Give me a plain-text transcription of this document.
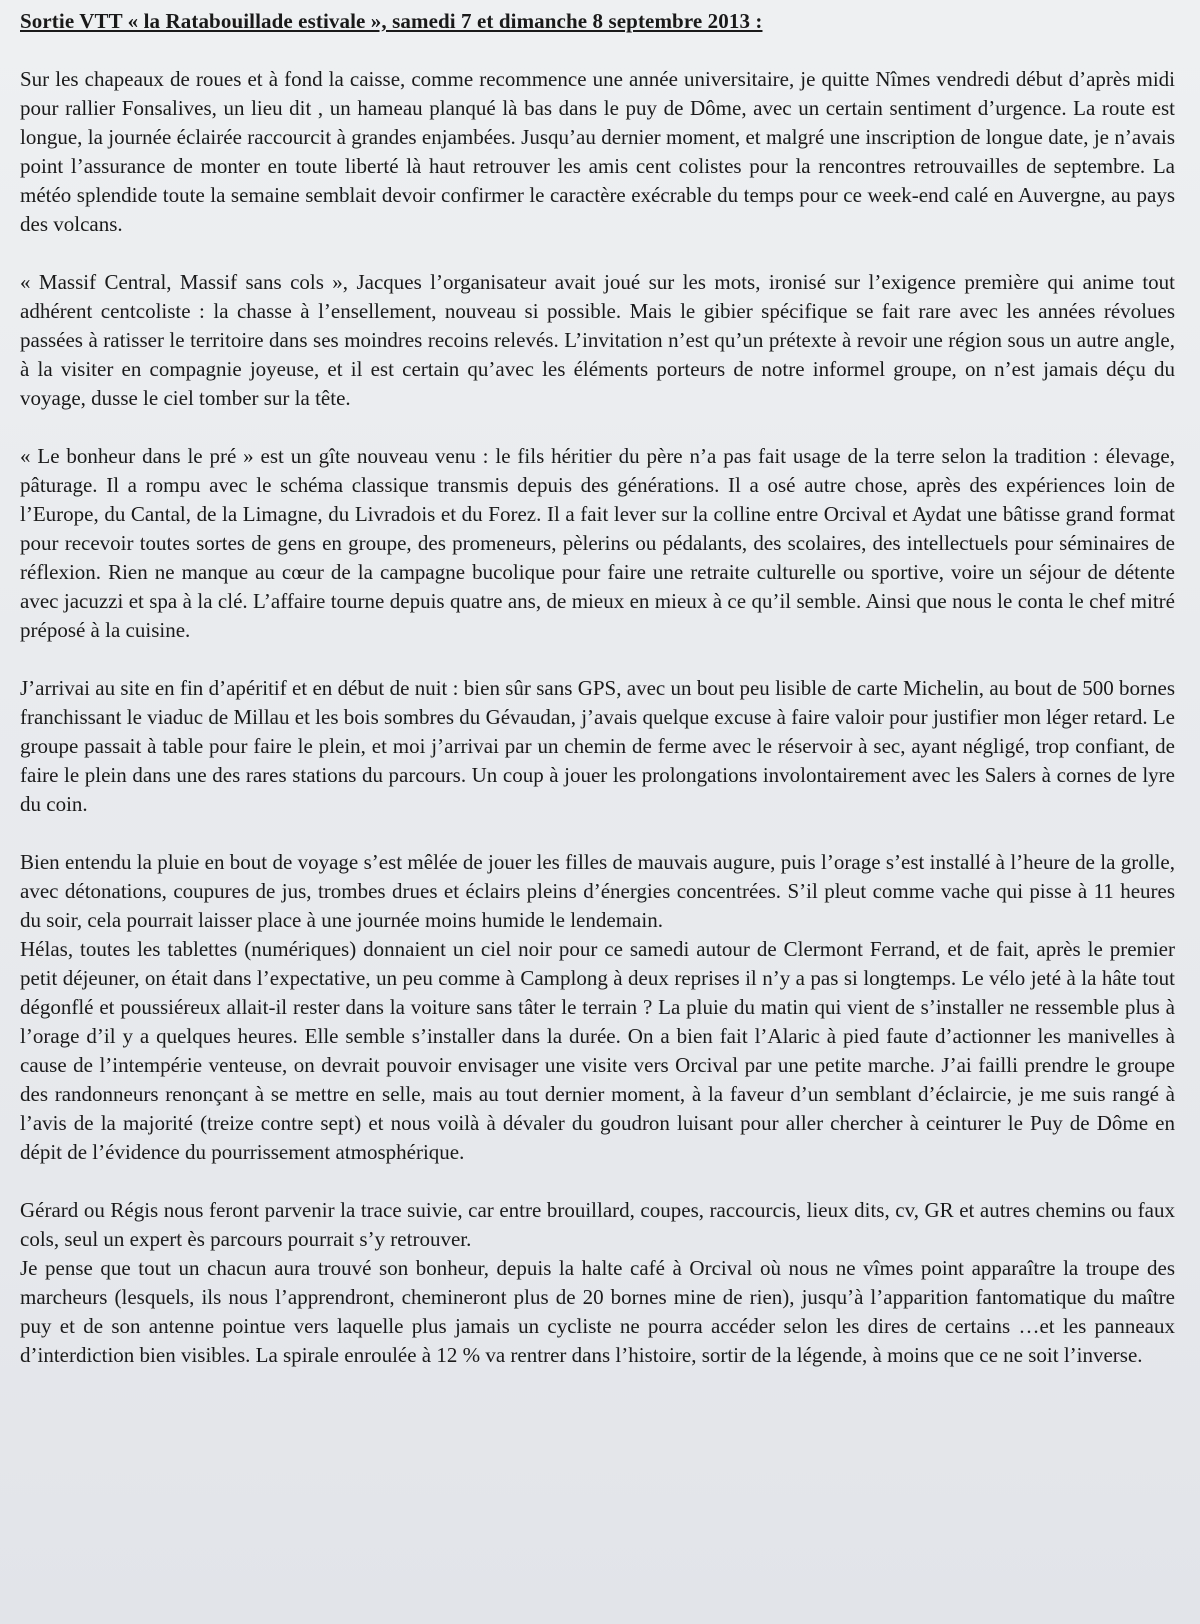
Sortie VTT « la Ratabouillade estivale », samedi 7 et dimanche 8 septembre 2013 :

Sur les chapeaux de roues et à fond la caisse, comme recommence une année universitaire, je quitte Nîmes vendredi début d’après midi pour rallier Fonsalives, un lieu dit , un hameau planqué là bas dans le puy de Dôme, avec un certain sentiment d’urgence. La route est longue, la journée éclairée raccourcit à grandes enjambées. Jusqu’au dernier moment, et malgré une inscription de longue date, je n’avais point l’assurance de monter en toute liberté là haut retrouver les amis cent colistes pour la rencontres retrouvailles de septembre. La météo splendide toute la semaine semblait devoir confirmer le caractère exécrable du temps pour ce week-end calé en Auvergne, au pays des volcans.

« Massif Central, Massif sans cols », Jacques l’organisateur avait joué sur les mots, ironisé sur l’exigence première qui anime tout adhérent centcoliste : la chasse à l’ensellement, nouveau si possible. Mais le gibier spécifique se fait rare avec les années révolues passées à ratisser le territoire dans ses moindres recoins relevés. L’invitation n’est qu’un prétexte à revoir une région sous un autre angle, à la visiter en compagnie joyeuse, et il est certain qu’avec les éléments porteurs de notre informel groupe, on n’est jamais déçu du voyage, dusse le ciel tomber sur la tête.

« Le bonheur dans le pré » est un gîte nouveau venu : le fils héritier du père n’a pas fait usage de la terre selon la tradition : élevage, pâturage. Il a rompu avec le schéma classique transmis depuis des générations. Il a osé autre chose, après des expériences loin de l’Europe, du Cantal, de la Limagne, du Livradois et du Forez. Il a fait lever sur la colline entre Orcival et Aydat une bâtisse grand format pour recevoir toutes sortes de gens en groupe, des promeneurs, pèlerins ou pédalants, des scolaires, des intellectuels pour séminaires de réflexion. Rien ne manque au cœur de la campagne bucolique pour faire une retraite culturelle ou sportive, voire un séjour de détente avec jacuzzi et spa à la clé. L’affaire tourne depuis quatre ans, de mieux en mieux à ce qu’il semble. Ainsi que nous le conta le chef mitré préposé à la cuisine.

J’arrivai au site en fin d’apéritif et en début de nuit : bien sûr sans GPS, avec un bout peu lisible de carte Michelin, au bout de 500 bornes franchissant le viaduc de Millau et les bois sombres du Gévaudan, j’avais quelque excuse à faire valoir pour justifier mon léger retard. Le groupe passait à table pour faire le plein, et moi j’arrivai par un chemin de ferme avec le réservoir à sec, ayant négligé, trop confiant, de faire le plein dans une des rares stations du parcours. Un coup à jouer les prolongations involontairement avec les Salers à cornes de lyre du coin.

Bien entendu la pluie en bout de voyage s’est mêlée de jouer les filles de mauvais augure, puis l’orage s’est installé à l’heure de la grolle, avec détonations, coupures de jus, trombes drues et éclairs pleins d’énergies concentrées. S’il pleut comme vache qui pisse à 11 heures du soir, cela pourrait laisser place à une journée moins humide le lendemain.

Hélas, toutes les tablettes (numériques) donnaient un ciel noir pour ce samedi autour de Clermont Ferrand, et de fait, après le premier petit déjeuner, on était dans l’expectative, un peu comme à Camplong à deux reprises il n’y a pas si longtemps. Le vélo jeté à la hâte tout dégonflé et poussiéreux allait-il rester dans la voiture sans tâter le terrain ? La pluie du matin qui vient de s’installer ne ressemble plus à l’orage d’il y a quelques heures. Elle semble s’installer dans la durée. On a bien fait l’Alaric à pied faute d’actionner les manivelles à cause de l’intempérie venteuse, on devrait pouvoir envisager une visite vers Orcival par une petite marche. J’ai failli prendre le groupe des randonneurs renonçant à se mettre en selle, mais au tout dernier moment, à la faveur d’un semblant d’éclaircie, je me suis rangé à l’avis de la majorité (treize contre sept) et nous voilà à dévaler du goudron luisant pour aller chercher à ceinturer le Puy de Dôme en dépit de l’évidence du pourrissement atmosphérique.

Gérard ou Régis nous feront parvenir la trace suivie, car entre brouillard, coupes, raccourcis, lieux dits, cv, GR et autres chemins ou faux cols, seul un expert ès parcours pourrait s’y retrouver.

Je pense que tout un chacun aura trouvé son bonheur, depuis la halte café à Orcival où nous ne vîmes point apparaître la troupe des marcheurs (lesquels, ils nous l’apprendront, chemineront plus de 20 bornes mine de rien), jusqu’à l’apparition fantomatique du maître puy et de son antenne pointue vers laquelle plus jamais un cycliste ne pourra accéder selon les dires de certains …et les panneaux d’interdiction bien visibles. La spirale enroulée à 12 % va rentrer dans l’histoire, sortir de la légende, à moins que ce ne soit l’inverse.
